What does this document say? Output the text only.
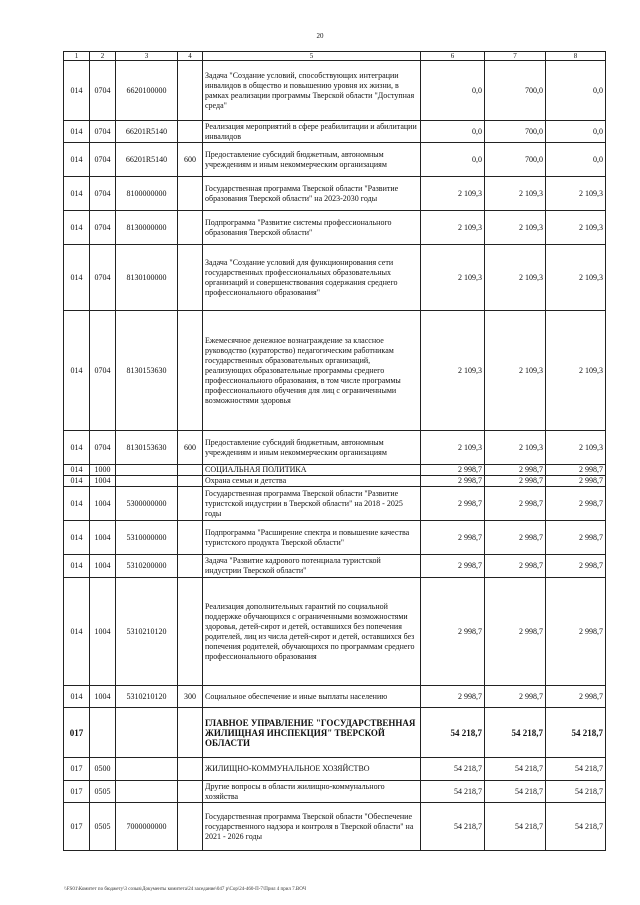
20
1	2	3	4	5	6	7	8
014	0704	6620100000		Задача "Создание условий, способствующих интеграции инвалидов в общество и повышению уровня их жизни, в рамках реализации программы Тверской области "Доступная среда"	0,0	700,0	0,0
014	0704	66201R5140		Реализация мероприятий в сфере реабилитации и абилитации инвалидов	0,0	700,0	0,0
014	0704	66201R5140	600	Предоставление субсидий бюджетным, автономным учреждениям и иным некоммерческим организациям	0,0	700,0	0,0
014	0704	8100000000		Государственная программа Тверской области "Развитие образования Тверской области" на 2023-2030 годы	2 109,3	2 109,3	2 109,3
014	0704	8130000000		Подпрограмма "Развитие системы профессионального образования Тверской области"	2 109,3	2 109,3	2 109,3
014	0704	8130100000		Задача "Создание условий для функционирования сети государственных профессиональных образовательных организаций и совершенствования содержания среднего профессионального образования"	2 109,3	2 109,3	2 109,3
014	0704	8130153630		Ежемесячное денежное вознаграждение за классное руководство (кураторство) педагогическим работникам государственных образовательных организаций, реализующих образовательные программы среднего профессионального образования, в том числе программы профессионального обучения для лиц с ограниченными возможностями здоровья	2 109,3	2 109,3	2 109,3
014	0704	8130153630	600	Предоставление субсидий бюджетным, автономным учреждениям и иным некоммерческим организациям	2 109,3	2 109,3	2 109,3
014	1000			СОЦИАЛЬНАЯ ПОЛИТИКА	2 998,7	2 998,7	2 998,7
014	1004			Охрана семьи и детства	2 998,7	2 998,7	2 998,7
014	1004	5300000000		Государственная программа Тверской области "Развитие туристской индустрии в Тверской области" на 2018 - 2025 годы	2 998,7	2 998,7	2 998,7
014	1004	5310000000		Подпрограмма "Расширение спектра и повышение качества туристского продукта Тверской области"	2 998,7	2 998,7	2 998,7
014	1004	5310200000		Задача "Развитие кадрового потенциала туристской индустрии Тверской области"	2 998,7	2 998,7	2 998,7
014	1004	5310210120		Реализация дополнительных гарантий по социальной поддержке обучающихся с ограниченными возможностями здоровья, детей-сирот и детей, оставшихся без попечения родителей, лиц из числа детей-сирот и детей, оставшихся без попечения родителей, обучающихся по программам среднего профессионального образования	2 998,7	2 998,7	2 998,7
014	1004	5310210120	300	Социальное обеспечение и иные выплаты населению	2 998,7	2 998,7	2 998,7
017				ГЛАВНОЕ УПРАВЛЕНИЕ "ГОСУДАРСТВЕННАЯ ЖИЛИЩНАЯ ИНСПЕКЦИЯ" ТВЕРСКОЙ ОБЛАСТИ	54 218,7	54 218,7	54 218,7
017	0500			ЖИЛИЩНО-КОММУНАЛЬНОЕ ХОЗЯЙСТВО	54 218,7	54 218,7	54 218,7
017	0505			Другие вопросы в области жилищно-коммунального хозяйства	54 218,7	54 218,7	54 218,7
017	0505	7000000000		Государственная программа Тверской области "Обеспечение государственного надзора и контроля в Тверской области" на 2021 - 2026 годы	54 218,7	54 218,7	54 218,7
\\FS01\Комитет по бюджету\3 созыв\Документы комитета\24 заседание\047 р\Сор\24-460-П-7\Прил 4 прил 7.ВОЧ
